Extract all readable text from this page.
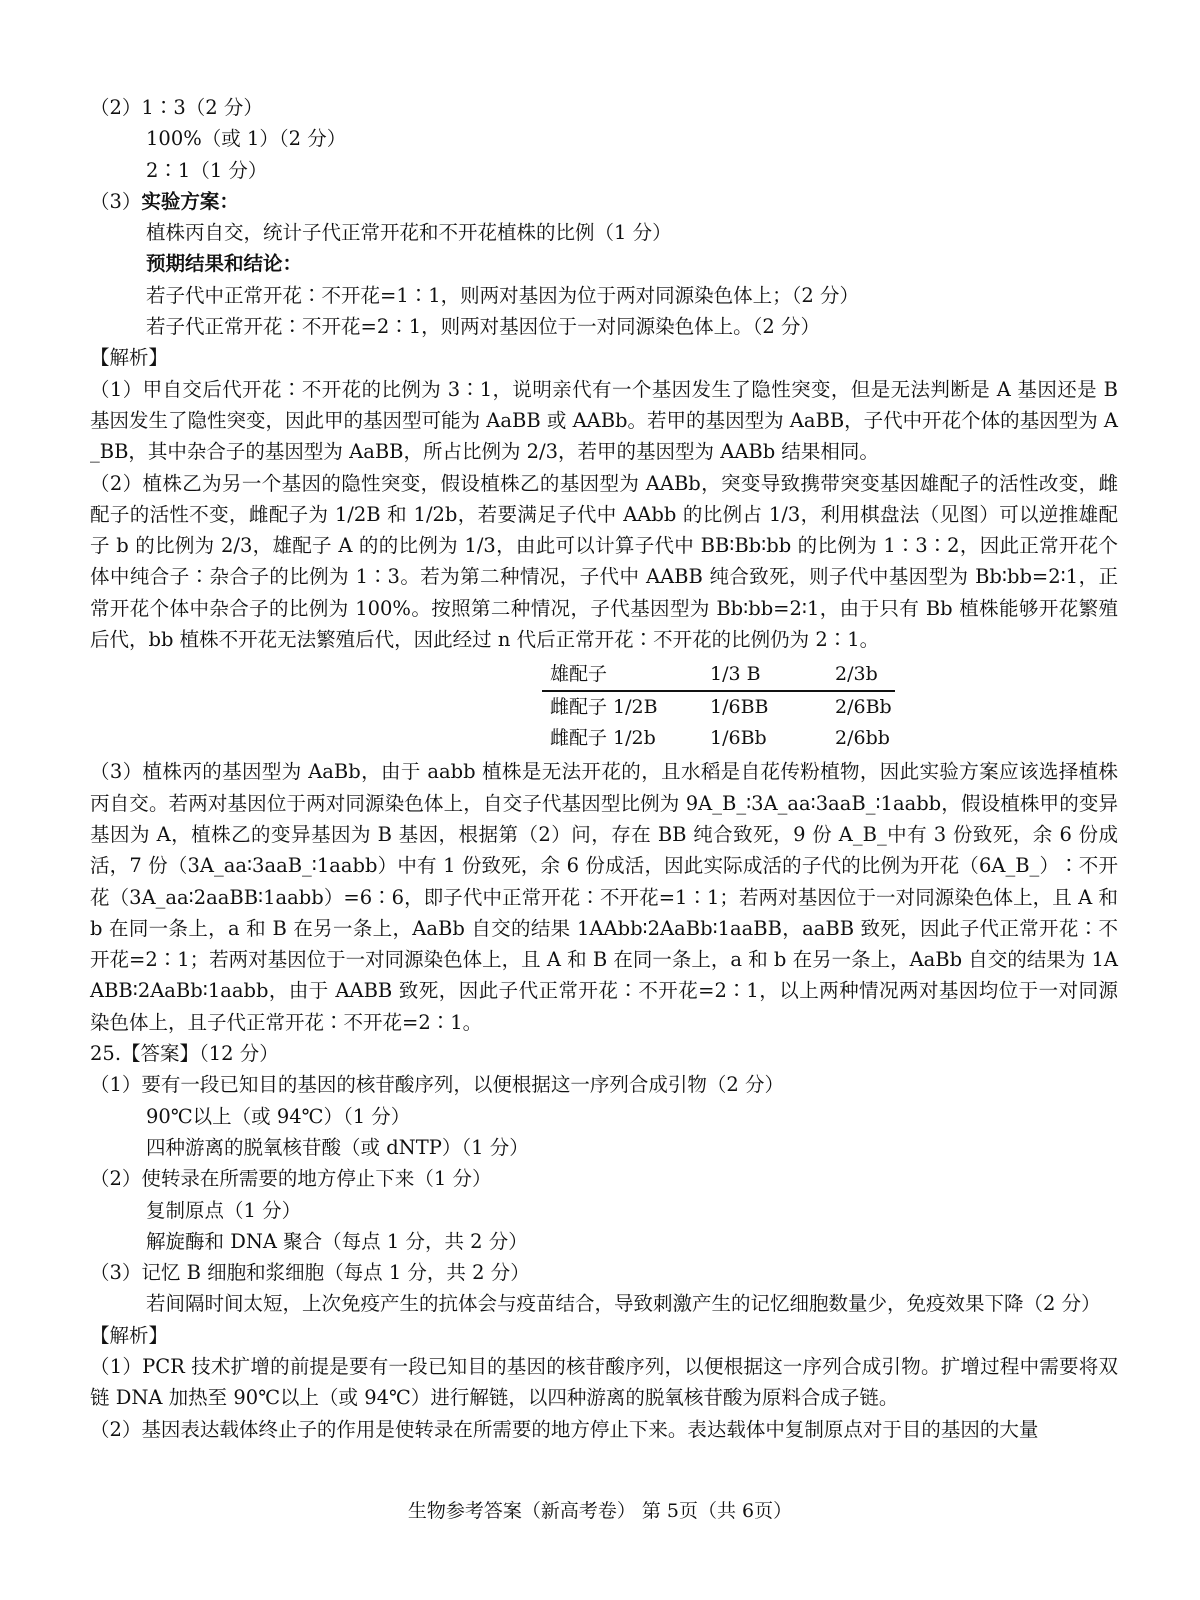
（2）1∶3（2 分）
100%（或 1）（2 分）
2∶1（1 分）
（3）实验方案：
植株丙自交，统计子代正常开花和不开花植株的比例（1 分）
预期结果和结论：
若子代中正常开花∶不开花=1∶1，则两对基因为位于两对同源染色体上；（2 分）
若子代正常开花∶不开花=2∶1，则两对基因位于一对同源染色体上。（2 分）
【解析】
（1）甲自交后代开花∶不开花的比例为 3∶1，说明亲代有一个基因发生了隐性突变，但是无法判断是 A 基因还是 B 基因发生了隐性突变，因此甲的基因型可能为 AaBB 或 AABb。若甲的基因型为 AaBB，子代中开花个体的基因型为 A_BB，其中杂合子的基因型为 AaBB，所占比例为 2/3，若甲的基因型为 AABb 结果相同。
（2）植株乙为另一个基因的隐性突变，假设植株乙的基因型为 AABb，突变导致携带突变基因雄配子的活性改变，雌配子的活性不变，雌配子为 1/2B 和 1/2b，若要满足子代中 AAbb 的比例占 1/3，利用棋盘法（见图）可以逆推雄配子 b 的比例为 2/3，雄配子 A 的的比例为 1/3，由此可以计算子代中 BB∶Bb∶bb 的比例为 1∶3∶2，因此正常开花个体中纯合子∶杂合子的比例为 1∶3。若为第二种情况，子代中 AABB 纯合致死，则子代中基因型为 Bb∶bb=2∶1，正常开花个体中杂合子的比例为 100%。按照第二种情况，子代基因型为 Bb∶bb=2∶1，由于只有 Bb 植株能够开花繁殖后代，bb 植株不开花无法繁殖后代，因此经过 n 代后正常开花∶不开花的比例仍为 2∶1。
雄配子	1/3 B	2/3b
雌配子 1/2B	1/6BB	2/6Bb
雌配子 1/2b	1/6Bb	2/6bb
（3）植株丙的基因型为 AaBb，由于 aabb 植株是无法开花的，且水稻是自花传粉植物，因此实验方案应该选择植株丙自交。若两对基因位于两对同源染色体上，自交子代基因型比例为 9A_B_∶3A_aa∶3aaB_∶1aabb，假设植株甲的变异基因为 A，植株乙的变异基因为 B 基因，根据第（2）问，存在 BB 纯合致死，9 份 A_B_中有 3 份致死，余 6 份成活，7 份（3A_aa∶3aaB_∶1aabb）中有 1 份致死，余 6 份成活，因此实际成活的子代的比例为开花（6A_B_）∶不开花（3A_aa∶2aaBB∶1aabb）=6∶6，即子代中正常开花∶不开花=1∶1；若两对基因位于一对同源染色体上，且 A 和 b 在同一条上，a 和 B 在另一条上，AaBb 自交的结果 1AAbb∶2AaBb∶1aaBB，aaBB 致死，因此子代正常开花∶不开花=2∶1；若两对基因位于一对同源染色体上，且 A 和 B 在同一条上，a 和 b 在另一条上，AaBb 自交的结果为 1AABB∶2AaBb∶1aabb，由于 AABB 致死，因此子代正常开花∶不开花=2∶1，以上两种情况两对基因均位于一对同源染色体上，且子代正常开花∶不开花=2∶1。
25.【答案】（12 分）
（1）要有一段已知目的基因的核苷酸序列，以便根据这一序列合成引物（2 分）
90℃以上（或 94℃）（1 分）
四种游离的脱氧核苷酸（或 dNTP）（1 分）
（2）使转录在所需要的地方停止下来（1 分）
复制原点（1 分）
解旋酶和 DNA 聚合（每点 1 分，共 2 分）
（3）记忆 B 细胞和浆细胞（每点 1 分，共 2 分）
若间隔时间太短，上次免疫产生的抗体会与疫苗结合，导致刺激产生的记忆细胞数量少，免疫效果下降（2 分）
【解析】
（1）PCR 技术扩增的前提是要有一段已知目的基因的核苷酸序列，以便根据这一序列合成引物。扩增过程中需要将双链 DNA 加热至 90℃以上（或 94℃）进行解链，以四种游离的脱氧核苷酸为原料合成子链。
（2）基因表达载体终止子的作用是使转录在所需要的地方停止下来。表达载体中复制原点对于目的基因的大量
生物参考答案（新高考卷） 第 5页（共 6页）
